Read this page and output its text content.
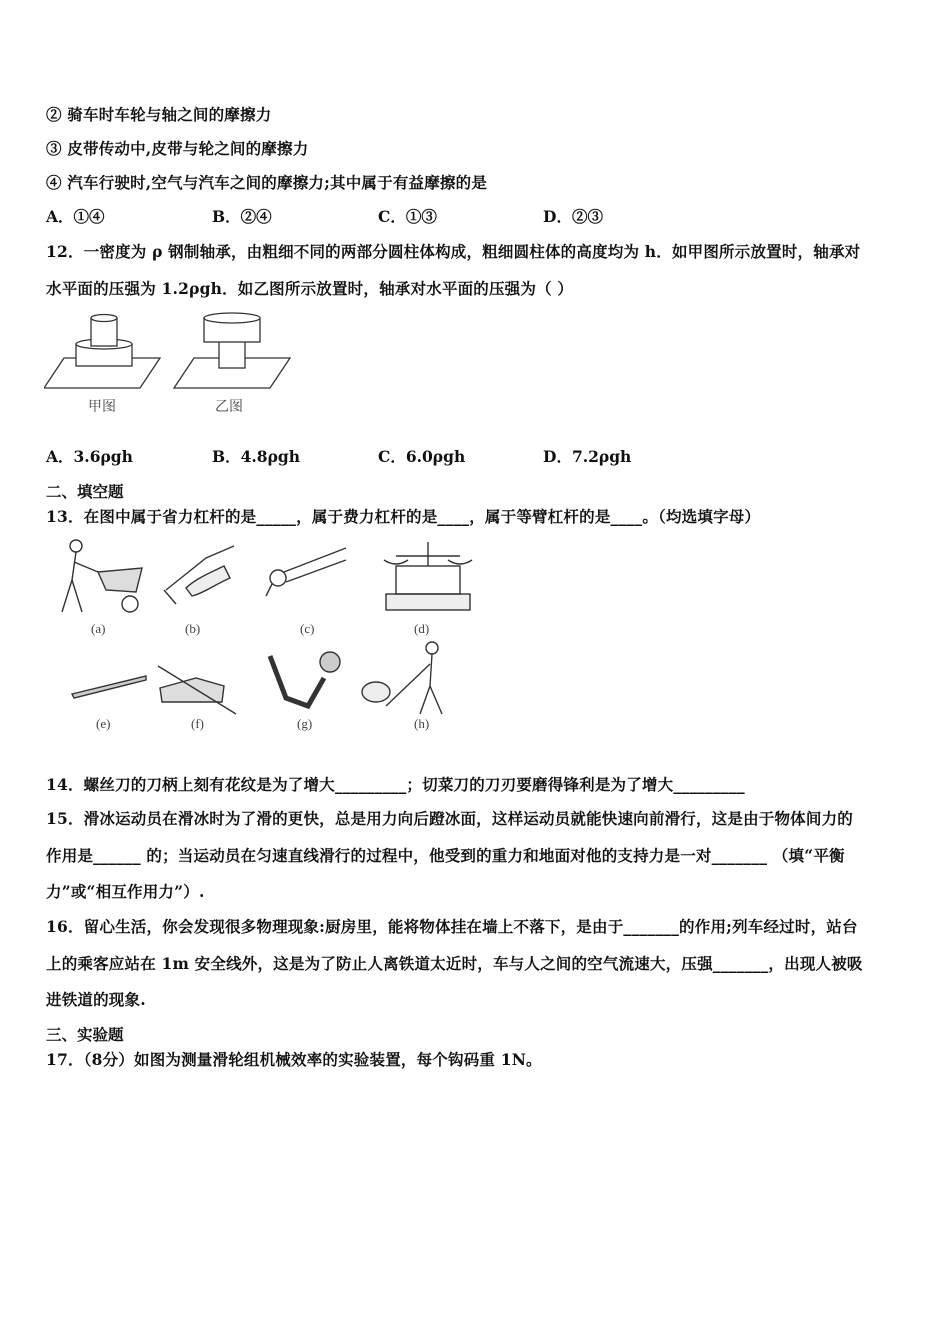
② 骑车时车轮与轴之间的摩擦力
③ 皮带传动中,皮带与轮之间的摩擦力
④ 汽车行驶时,空气与汽车之间的摩擦力;其中属于有益摩擦的是
A．①④	B．②④	C．①③	D．②③
12．一密度为 ρ 钢制轴承，由粗细不同的两部分圆柱体构成，粗细圆柱体的高度均为 h．如甲图所示放置时，轴承对
水平面的压强为 1.2ρgh．如乙图所示放置时，轴承对水平面的压强为（ ）
甲图	乙图
A．3.6ρgh	B．4.8ρgh	C．6.0ρgh	D．7.2ρgh
二、填空题
13．在图中属于省力杠杆的是_____，属于费力杠杆的是____，属于等臂杠杆的是____。（均选填字母）
(a)	(b)	(c)	(d)
(e)	(f)	(g)	(h)
14．螺丝刀的刀柄上刻有花纹是为了增大_________；切菜刀的刀刃要磨得锋利是为了增大_________
15．滑冰运动员在滑冰时为了滑的更快，总是用力向后蹬冰面，这样运动员就能快速向前滑行，这是由于物体间力的
作用是______ 的；当运动员在匀速直线滑行的过程中，他受到的重力和地面对他的支持力是一对_______ （填“平衡
力”或“相互作用力”）.
16．留心生活，你会发现很多物理现象:厨房里，能将物体挂在墙上不落下，是由于_______的作用;列车经过时，站台
上的乘客应站在 1m 安全线外，这是为了防止人离铁道太近时，车与人之间的空气流速大，压强_______，出现人被吸
进铁道的现象.
三、实验题
17．（8分）如图为测量滑轮组机械效率的实验装置，每个钩码重 1N。
